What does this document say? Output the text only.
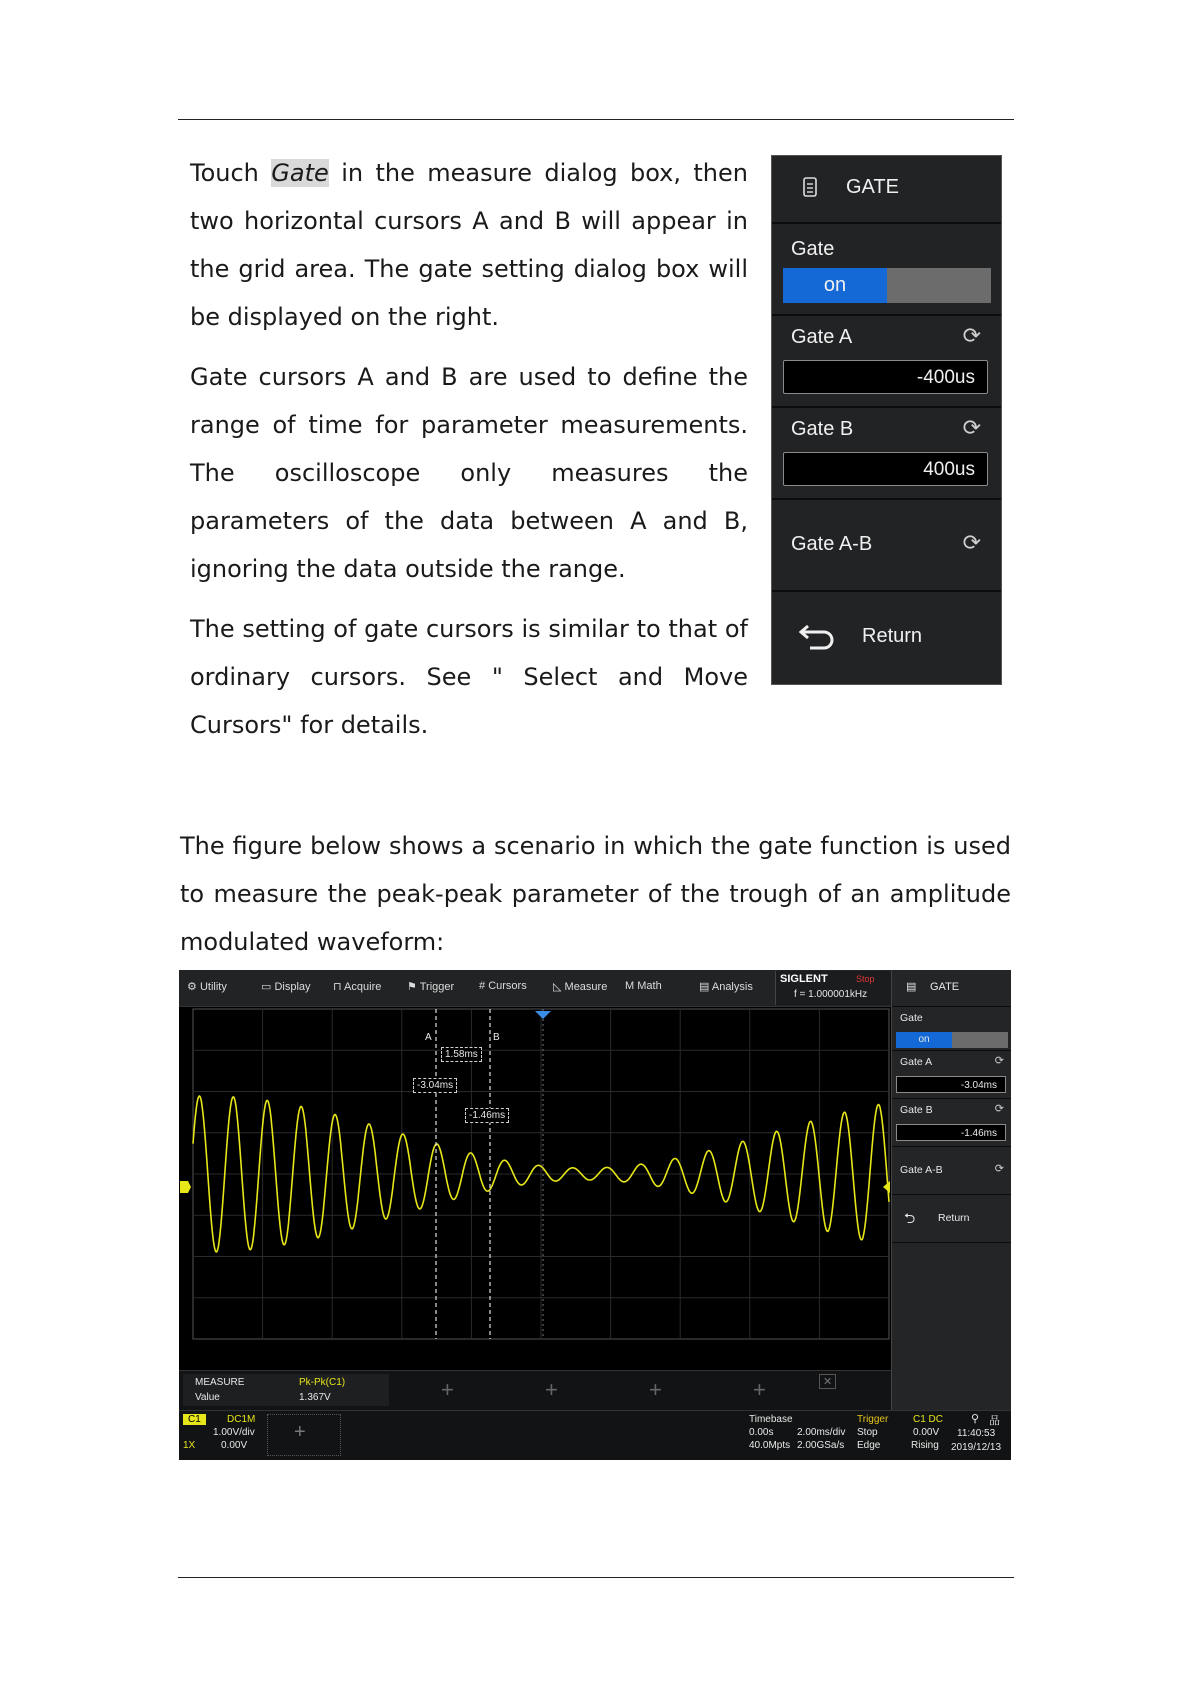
Touch Gate in the measure dialog box, then two horizontal cursors A and B will appear in the grid area. The gate setting dialog box will be displayed on the right.

Gate cursors A and B are used to define the range of time for parameter measurements. The oscilloscope only measures the parameters of the data between A and B, ignoring the data outside the range.

The setting of gate cursors is similar to that of ordinary cursors. See " Select and Move Cursors" for details.

The figure below shows a scenario in which the gate function is used to measure the peak-peak parameter of the trough of an amplitude modulated waveform:

GATE
Gate
on
Gate A	⟳
-400us
Gate B	⟳
400us
Gate A-B	⟳
Return
⚙ Utility	▭ Display ⊓ Acquire ⚑ Trigger # Cursors ◺ Measure M Math	▤ Analysis
SIGLENT	Stop
f = 1.000001kHz
A	B
1.58ms
-3.04ms
-1.46ms
▤ GATE
Gate
on
Gate A	⟳
-3.04ms
Gate B	⟳
-1.46ms
Gate A-B	⟳
⮌ Return
MEASURE	Pk-Pk(C1)
Value	1.367V	+	+	+	+	✕
C1	DC1M
1.00V/div
1X	0.00V
+
Timebase
0.00s 2.00ms/div
40.0Mpts 2.00GSa/s
Trigger C1 DC
Stop	0.00V
Edge	Rising
⚲ 品
11:40:53
2019/12/13
